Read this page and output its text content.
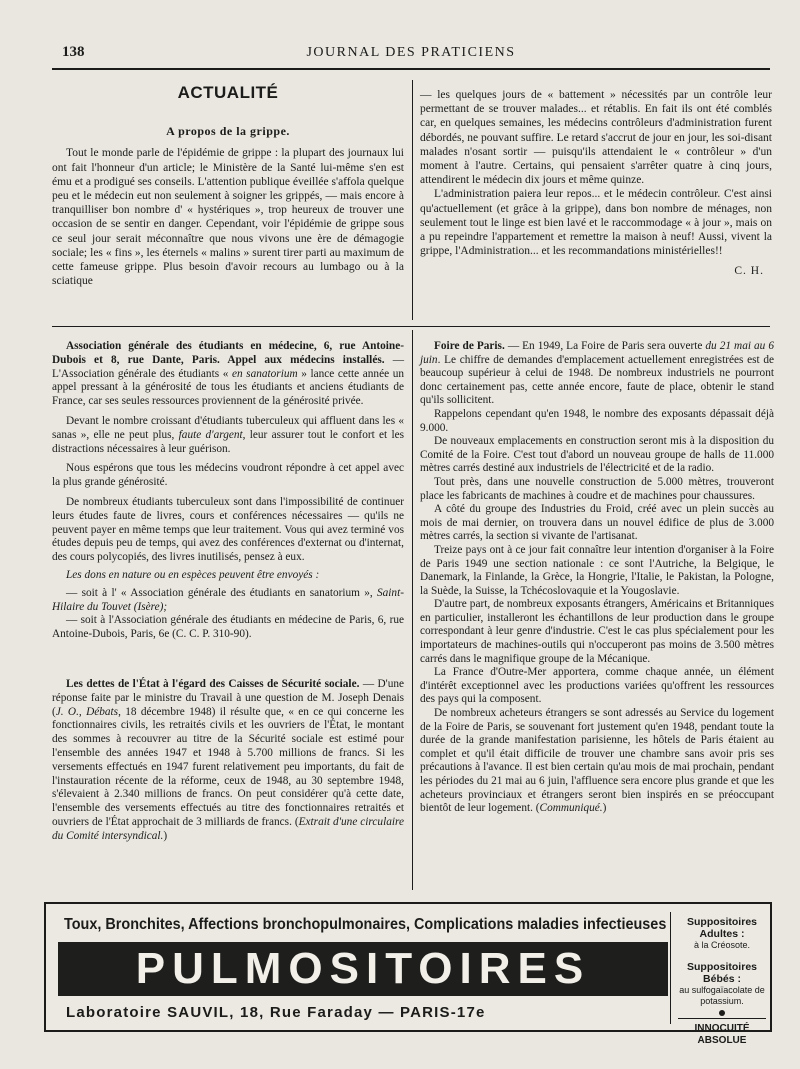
138	JOURNAL DES PRATICIENS
ACTUALITÉ
A propos de la grippe.

Tout le monde parle de l'épidémie de grippe : la plupart des journaux lui ont fait l'honneur d'un article; le Ministère de la Santé lui-même s'en est ému et a prodigué ses conseils. L'attention publique éveillée s'affola quelque peu et le médecin eut non seulement à soigner les grippés, — mais encore à tranquilliser bon nombre d' « hystériques », trop heureux de trouver une occasion de se sentir en danger. Cependant, voir l'épidémie de grippe sous ce seul jour serait méconnaître que nous vivons une ère de démagogie sociale; les « fins », les éternels « malins » surent tirer parti au maximum de cette fameuse grippe. Plus besoin d'avoir recours au lumbago ou à la sciatique

— les quelques jours de « battement » nécessités par un contrôle leur permettant de se trouver malades... et rétablis. En fait ils ont été comblés car, en quelques semaines, les médecins contrôleurs d'administration furent débordés, ne pouvant suffire. Le retard s'accrut de jour en jour, les soi-disant malades n'osant sortir — puisqu'ils attendaient le « contrôleur » d'un moment à l'autre. Certains, qui pensaient s'arrêter quatre à cinq jours, attendirent le médecin dix jours et même quinze.

L'administration paiera leur repos... et le médecin contrôleur. C'est ainsi qu'actuellement (et grâce à la grippe), dans bon nombre de ménages, non seulement tout le linge est bien lavé et le raccommodage « à jour », mais on a pu repeindre l'appartement et remettre la maison à neuf! Aussi, vivent la grippe, l'Administration... et les recommandations ministérielles!!

C. H.

Association générale des étudiants en médecine, 6, rue Antoine-Dubois et 8, rue Dante, Paris. Appel aux médecins installés. — L'Association générale des étudiants « en sanatorium » lance cette année un appel pressant à la générosité de tous les étudiants et anciens étudiants de France, car ses seules ressources proviennent de la générosité privée.

Devant le nombre croissant d'étudiants tuberculeux qui affluent dans les « sanas », elle ne peut plus, faute d'argent, leur assurer tout le confort et les distractions nécessaires à leur guérison.

Nous espérons que tous les médecins voudront répondre à cet appel avec la plus grande générosité.

De nombreux étudiants tuberculeux sont dans l'impossibilité de continuer leurs études faute de livres, cours et conférences nécessaires — qu'ils ne peuvent payer en même temps que leur traitement. Vous qui avez terminé vos études depuis peu de temps, qui avez des conférences d'externat ou d'internat, des cours polycopiés, des livres inutilisés, pensez à eux.

Les dons en nature ou en espèces peuvent être envoyés :

— soit à l' « Association générale des étudiants en sanatorium », Saint-Hilaire du Touvet (Isère);

— soit à l'Association générale des étudiants en médecine de Paris, 6, rue Antoine-Dubois, Paris, 6e (C. C. P. 310-90).

Les dettes de l'État à l'égard des Caisses de Sécurité sociale. — D'une réponse faite par le ministre du Travail à une question de M. Joseph Denais (J. O., Débats, 18 décembre 1948) il résulte que, « en ce qui concerne les fonctionnaires civils, les retraités civils et les ouvriers de l'État, le montant des sommes à recouvrer au titre de la Sécurité sociale est estimé pour l'ensemble des années 1947 et 1948 à 5.700 millions de francs. Si les versements effectués en 1947 furent relativement peu importants, du fait de l'instauration récente de la réforme, ceux de 1948, au 30 septembre 1948, s'élevaient à 2.340 millions de francs. On peut considérer qu'à cette date, l'ensemble des versements effectués au titre des fonctionnaires retraités et ouvriers de l'État approchait de 3 milliards de francs. (Extrait d'une circulaire du Comité intersyndical.)

Foire de Paris. — En 1949, La Foire de Paris sera ouverte du 21 mai au 6 juin. Le chiffre de demandes d'emplacement actuellement enregistrées est de beaucoup supérieur à celui de 1948. De nombreux industriels ne pourront donc certainement pas, cette année encore, faute de place, obtenir le stand qu'ils sollicitent.

Rappelons cependant qu'en 1948, le nombre des exposants dépassait déjà 9.000.

De nouveaux emplacements en construction seront mis à la disposition du Comité de la Foire. C'est tout d'abord un nouveau groupe de halls de 11.000 mètres carrés destiné aux industriels de l'électricité et de la radio.

Tout près, dans une nouvelle construction de 5.000 mètres, trouveront place les fabricants de machines à coudre et de machines pour chaussures.

A côté du groupe des Industries du Froid, créé avec un plein succès au mois de mai dernier, on trouvera dans un nouvel édifice de plus de 3.000 mètres carrés, la section si vivante de l'artisanat.

Treize pays ont à ce jour fait connaître leur intention d'organiser à la Foire de Paris 1949 une section nationale : ce sont l'Autriche, la Belgique, le Danemark, la Finlande, la Grèce, la Hongrie, l'Italie, le Pakistan, la Pologne, la Suède, la Suisse, la Tchécoslovaquie et la Yougoslavie.

D'autre part, de nombreux exposants étrangers, Américains et Britanniques en particulier, installeront les échantillons de leur production dans le groupe correspondant à leur genre d'industrie. C'est le cas plus spécialement pour les importateurs de machines-outils qui n'occuperont pas moins de 3.500 mètres carrés dans le magnifique groupe de la Mécanique.

La France d'Outre-Mer apportera, comme chaque année, un élément d'intérêt exceptionnel avec les productions variées qu'offrent les ressources des pays qui la composent.

De nombreux acheteurs étrangers se sont adressés au Service du logement de la Foire de Paris, se souvenant fort justement qu'en 1948, pendant toute la durée de la grande manifestation parisienne, les hôtels de Paris étaient au complet et qu'il était difficile de trouver une chambre sans avoir pris ses précautions à l'avance. Il est bien certain qu'au mois de mai prochain, pendant les périodes du 21 mai au 6 juin, l'affluence sera encore plus grande et que les acheteurs provinciaux et étrangers seront bien inspirés en se préoccupant bientôt de leur logement. (Communiqué.)

Toux, Bronchites, Affections bronchopulmonaires, Complications maladies infectieuses
PULMOSITOIRES
Laboratoire SAUVIL, 18, Rue Faraday — PARIS-17e
Suppositoires Adultes :
à la Créosote.
Suppositoires Bébés :
au sulfogaïacolate de potassium.
INNOCUITÉ ABSOLUE
